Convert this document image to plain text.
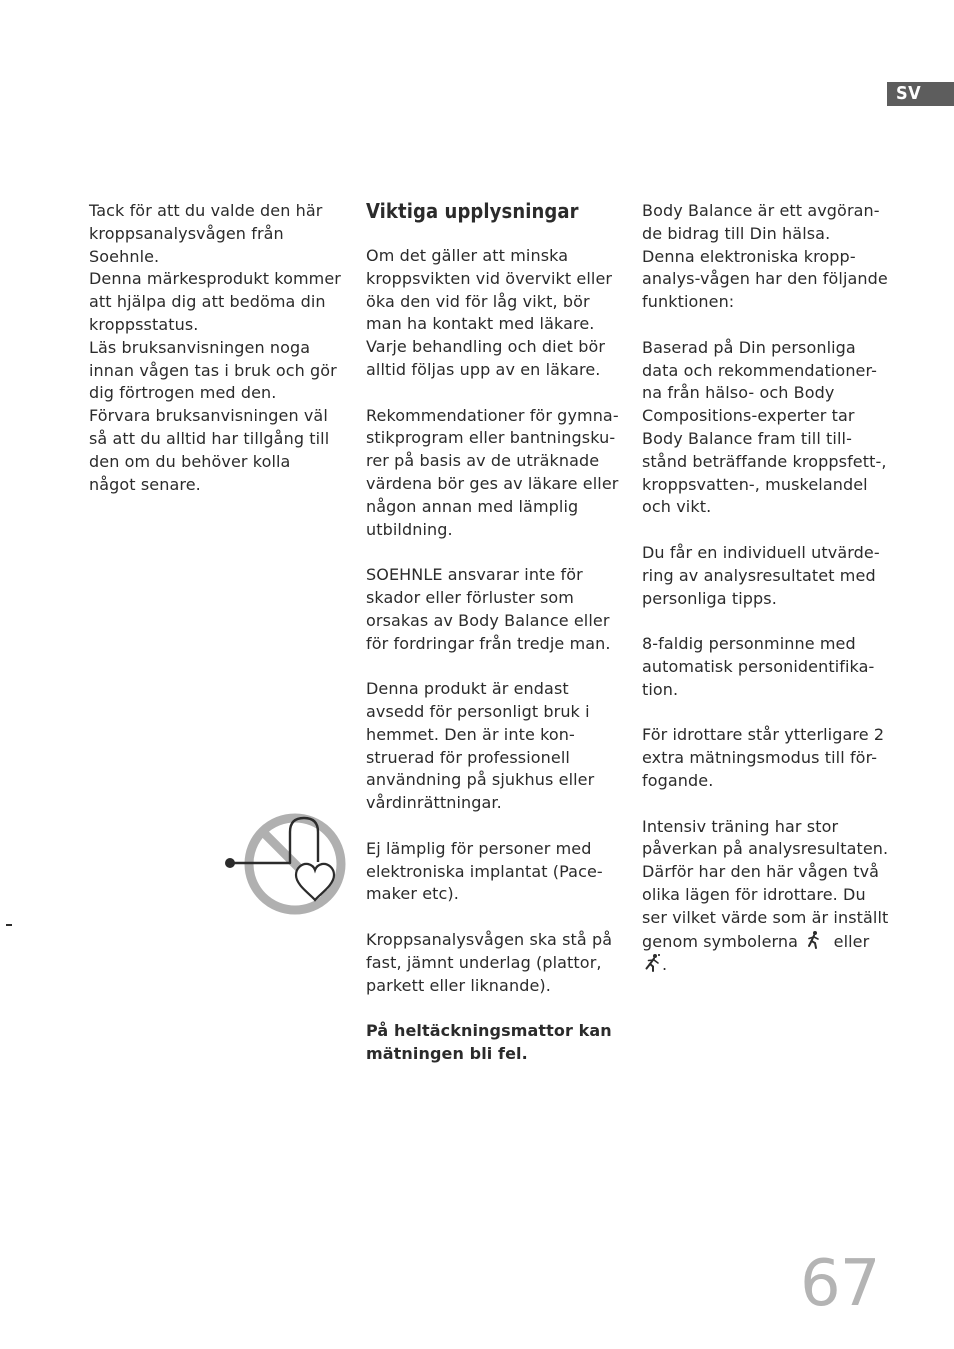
SV

Tack för att du valde den här
kroppsanalysvågen från
Soehnle.
Denna märkesprodukt kommer
att hjälpa dig att bedöma din
kroppsstatus.
Läs bruksanvisningen noga
innan vågen tas i bruk och gör
dig förtrogen med den.
Förvara bruksanvisningen väl
så att du alltid har tillgång till
den om du behöver kolla
något senare.

Viktiga upplysningar

Om det gäller att minska
kroppsvikten vid övervikt eller
öka den vid för låg vikt, bör
man ha kontakt med läkare.
Varje behandling och diet bör
alltid följas upp av en läkare.

Rekommendationer för gymna-
stikprogram eller bantningsku-
rer på basis av de uträknade
värdena bör ges av läkare eller
någon annan med lämplig
utbildning.

SOEHNLE ansvarar inte för
skador eller förluster som
orsakas av Body Balance eller
för fordringar från tredje man.

Denna produkt är endast
avsedd för personligt bruk i
hemmet. Den är inte kon-
struerad för professionell
användning på sjukhus eller
vårdinrättningar.

Ej lämplig för personer med
elektroniska implantat (Pace-
maker etc).

Kroppsanalysvågen ska stå på
fast, jämnt underlag (plattor,
parkett eller liknande).

På heltäckningsmattor kan
mätningen bli fel.

Body Balance är ett avgöran-
de bidrag till Din hälsa.
Denna elektroniska kropp-
analys-vågen har den följande
funktionen:

Baserad på Din personliga
data och rekommendationer-
na från hälso- och Body
Compositions-experter tar
Body Balance fram till till-
stånd beträffande kroppsfett-,
kroppsvatten-, muskelandel
och vikt.

Du får en individuell utvärde-
ring av analysresultatet med
personliga tipps.

8-faldig personminne med
automatisk personidentifika-
tion.

För idrottare står ytterligare 2
extra mätningsmodus till för-
fogande.

Intensiv träning har stor
påverkan på analysresultaten.
Därför har den här vågen två
olika lägen för idrottare. Du
ser vilket värde som är inställt
genom symbolerna   eller
.

67
